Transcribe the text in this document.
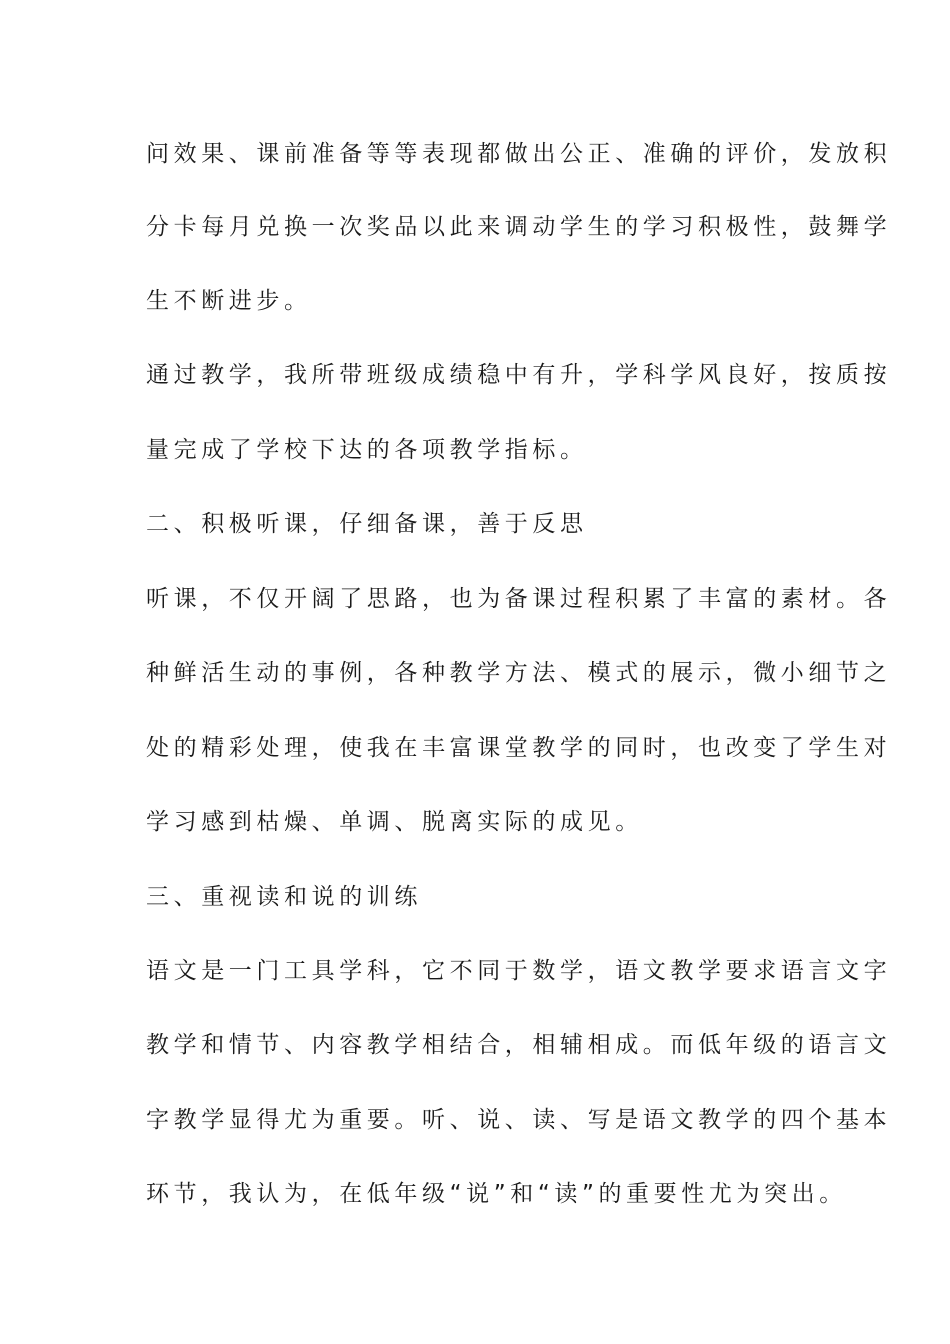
问效果、课前准备等等表现都做出公正、准确的评价，发放积
分卡每月兑换一次奖品以此来调动学生的学习积极性，鼓舞学
生不断进步。
通过教学，我所带班级成绩稳中有升，学科学风良好，按质按
量完成了学校下达的各项教学指标。
二、积极听课，仔细备课，善于反思
听课，不仅开阔了思路，也为备课过程积累了丰富的素材。各
种鲜活生动的事例，各种教学方法、模式的展示，微小细节之
处的精彩处理，使我在丰富课堂教学的同时，也改变了学生对
学习感到枯燥、单调、脱离实际的成见。
三、重视读和说的训练
语文是一门工具学科，它不同于数学，语文教学要求语言文字
教学和情节、内容教学相结合，相辅相成。而低年级的语言文
字教学显得尤为重要。听、说、读、写是语文教学的四个基本
环节，我认为，在低年级“说”和“读”的重要性尤为突出。
